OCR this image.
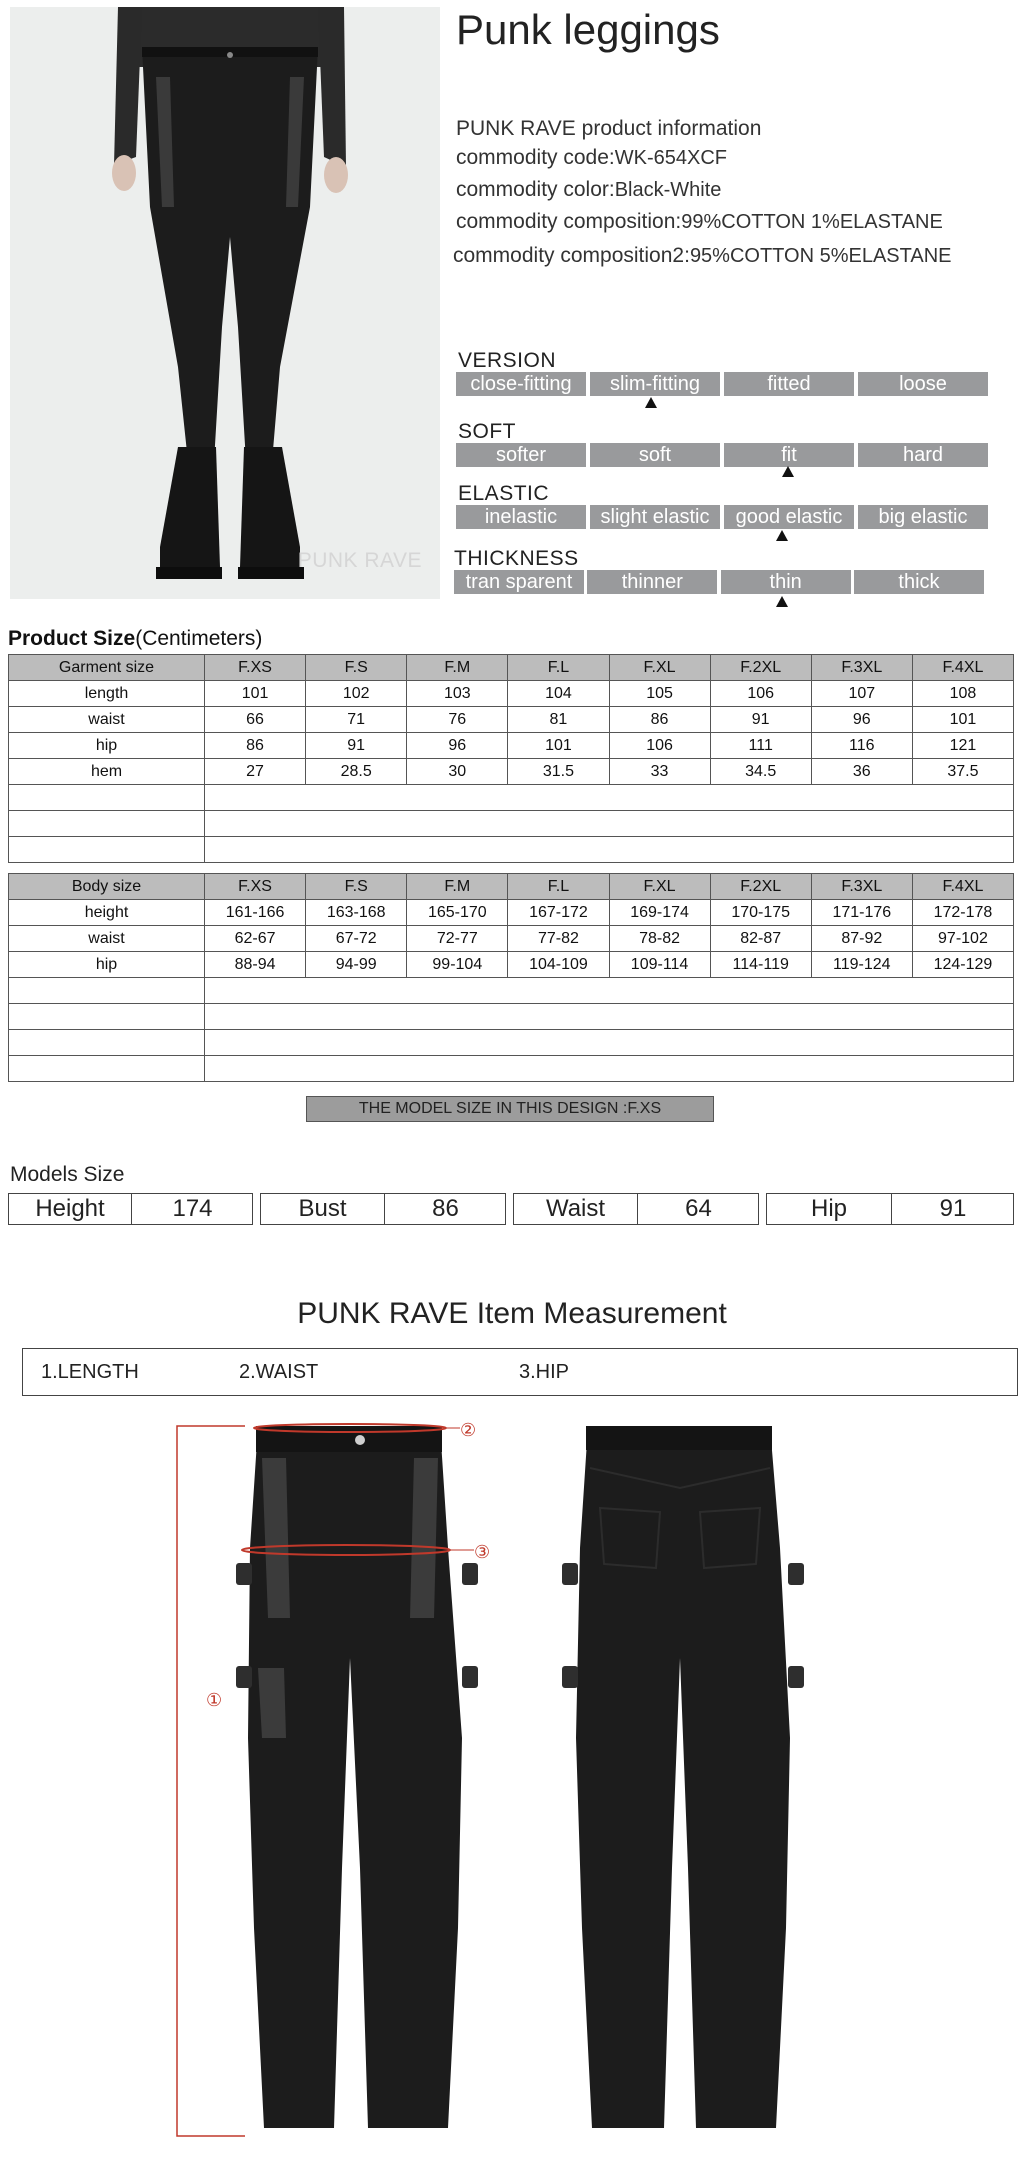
PUNK RAVE
Punk leggings
PUNK RAVE product information
commodity code:WK-654XCF
commodity color:Black-White
commodity composition:99%COTTON 1%ELASTANE
commodity composition2:95%COTTON 5%ELASTANE
VERSION
close-fitting	slim-fitting	fitted	loose
SOFT
softer	soft	fit	hard
ELASTIC
inelastic	slight elastic	good elastic	big elastic
THICKNESS
tran sparent	thinner	thin	thick
Product Size(Centimeters)
Garment size	F.XS	F.S	F.M	F.L	F.XL	F.2XL	F.3XL	F.4XL
length	101	102	103	104	105	106	107	108
waist	66	71	76	81	86	91	96	101
hip	86	91	96	101	106	111	116	121
hem	27	28.5	30	31.5	33	34.5	36	37.5

Body size	F.XS	F.S	F.M	F.L	F.XL	F.2XL	F.3XL	F.4XL
height	161-166	163-168	165-170	167-172	169-174	170-175	171-176	172-178
waist	62-67	67-72	72-77	77-82	78-82	82-87	87-92	97-102
hip	88-94	94-99	99-104	104-109	109-114	114-119	119-124	124-129

THE MODEL SIZE IN THIS DESIGN :F.XS
Models Size
Height	174	Bust	86	Waist	64	Hip	91
PUNK RAVE Item Measurement
1.LENGTH	2.WAIST	3.HIP
①
②
③
